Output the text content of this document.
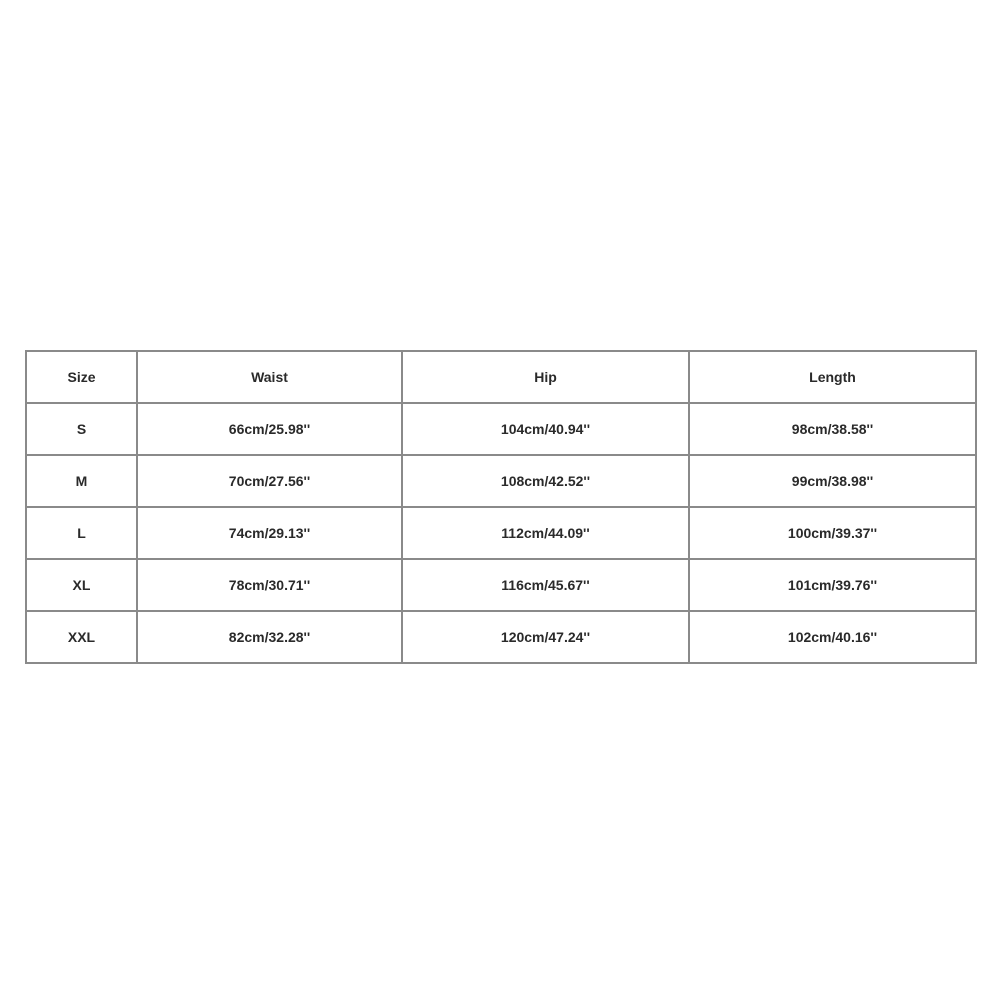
Size	Waist	Hip	Length
S	66cm/25.98''	104cm/40.94''	98cm/38.58''
M	70cm/27.56''	108cm/42.52''	99cm/38.98''
L	74cm/29.13''	112cm/44.09''	100cm/39.37''
XL	78cm/30.71''	116cm/45.67''	101cm/39.76''
XXL	82cm/32.28''	120cm/47.24''	102cm/40.16''
